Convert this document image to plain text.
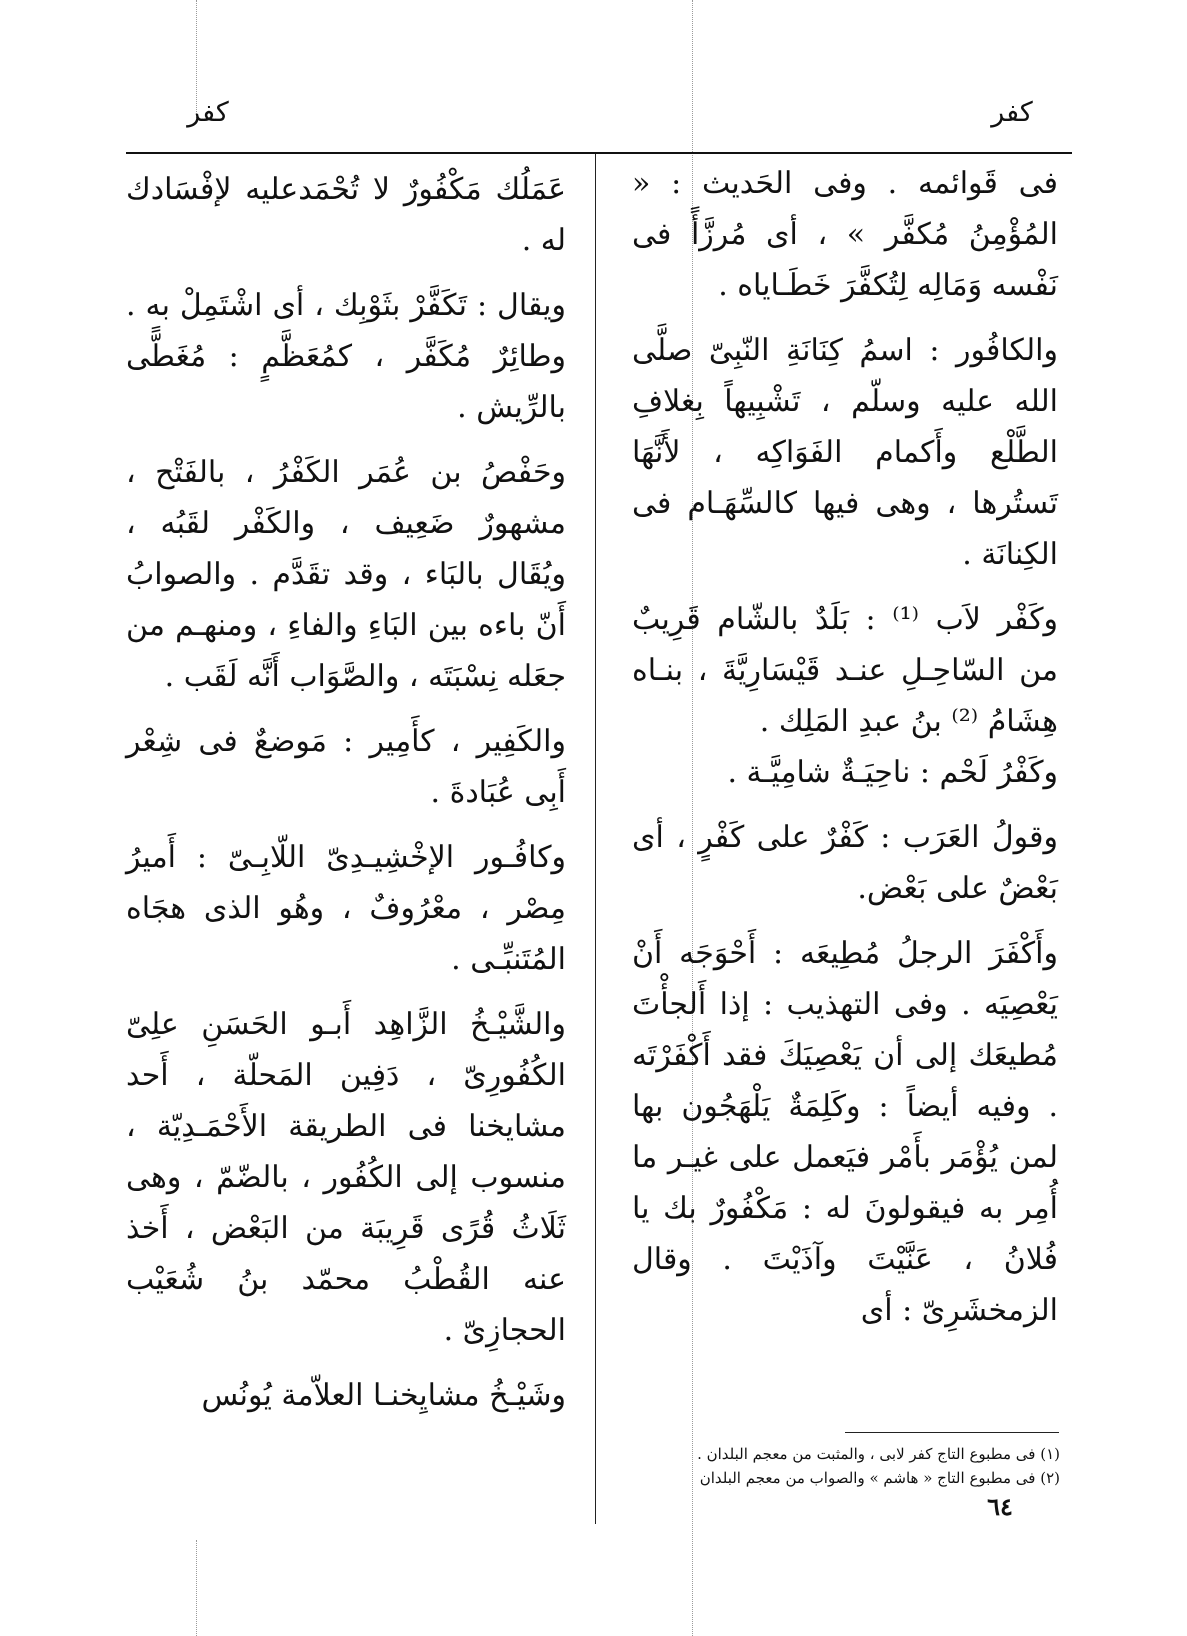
كفر
كفر

فى قَوائمه . وفى الحَديث : « المُؤْمِنُ مُكفَّر » ، أى مُرزَّأً فى نَفْسه وَمَالِه لِتُكفَّرَ خَطَـاياه .

والكافُور : اسمُ كِنَانَةِ النّبِىّ صلَّى الله عليه وسلّم ، تَشْبِيهاً بِغلافِ الطَّلْع وأَكمام الفَوَاكِه ، لأَنَّهَا تَستُرها ، وهى فيها كالسِّهَـام فى الكِنانَة .

وكَفْر لاَب ⁽¹⁾ : بَلَدٌ بالشّام قَرِيبٌ من السّاحِـلِ عنـد قَيْسَارِيَّةَ ، بنـاه هِشَامُ ⁽²⁾ بنُ عبدِ المَلِك .

وكَفْرُ لَحْم : ناحِيَـةٌ شامِيَّـة .

وقولُ العَرَب : كَفْرٌ على كَفْرٍ ، أى بَعْضٌ على بَعْض.

وأَكْفَرَ الرجلُ مُطِيعَه : أَحْوَجَه أَنْ يَعْصِيَه . وفى التهذيب : إذا أَلجأْتَ مُطيعَك إلى أن يَعْصِيَكَ فقد أَكْفَرْتَه . وفيه أيضاً : وكَلِمَةٌ يَلْهَجُون بها لمن يُؤْمَر بأَمْر فيَعمل على غيـر ما أُمِر به فيقولونَ له : مَكْفُورٌ بك يا فُلانُ ، عَنَّيْتَ وآذَيْتَ . وقال الزمخشَرِىّ : أى

عَمَلُك مَكْفُورٌ لا تُحْمَدعليه لإفْسَادك له .

ويقال : تَكَفَّرْ بثَوْبِك ، أى اشْتَمِلْ به . وطائِرٌ مُكَفَّر ، كمُعَظَّمٍ : مُغَطًّى بالرِّيش .

وحَفْصُ بن عُمَر الكَفْرُ ، بالفَتْح ، مشهورٌ ضَعِيف ، والكَفْر لقَبُه ، ويُقَال بالبَاء ، وقد تقَدَّم . والصوابُ أَنّ باءه بين البَاءِ والفاءِ ، ومنهـم من جعَله نِسْبَتَه ، والصَّوَاب أَنَّه لَقَب .

والكَفِير ، كأَمِير : مَوضعٌ فى شِعْر أَبِى عُبَادةَ .

وكافُـور الإخْشِيـدِىّ اللّابِـىّ : أَميرُ مِصْر ، معْرُوفٌ ، وهُو الذى هجَاه المُتَنبِّـى .

والشَّيْـخُ الزَّاهِد أَبـو الحَسَنِ علِىّ الكُفُورِىّ ، دَفِين المَحلّة ، أَحد مشايخنا فى الطريقة الأَحْمَـدِيّة ، منسوب إلى الكُفُور ، بالضّمّ ، وهى ثَلَاثُ قُرًى قَرِيبَة من البَعْض ، أَخذ عنه القُطْبُ محمّد بنُ شُعَيْب الحجازِىّ .

وشَيْـخُ مشايِخنـا العلاّمة يُونُس

(١) فى مطبوع التاج كفر لابى ، والمثبت من معجم البلدان .

(٢) فى مطبوع التاج « هاشم » والصواب من معجم البلدان

٦٤
